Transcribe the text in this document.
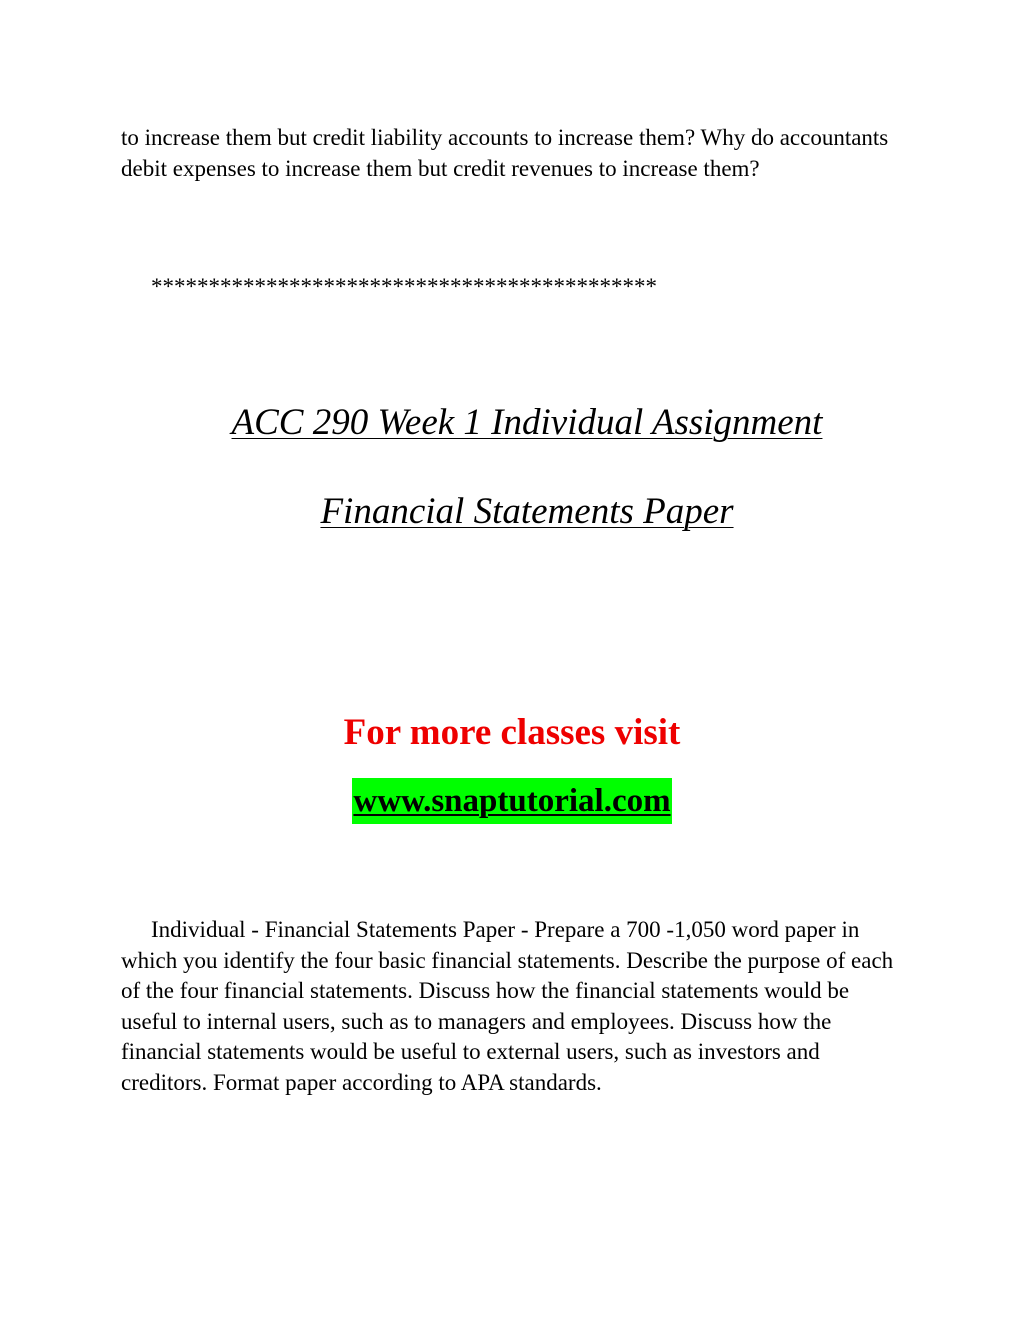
to increase them but credit liability accounts to increase them? Why do accountants debit expenses to increase them but credit revenues to increase them?

********************************************

ACC 290 Week 1 Individual Assignment

Financial Statements Paper

For more classes visit

www.snaptutorial.com

Individual - Financial Statements Paper - Prepare a 700 -1,050 word paper in which you identify the four basic financial statements. Describe the purpose of each of the four financial statements. Discuss how the financial statements would be useful to internal users, such as to managers and employees. Discuss how the financial statements would be useful to external users, such as investors and creditors. Format paper according to APA standards.
